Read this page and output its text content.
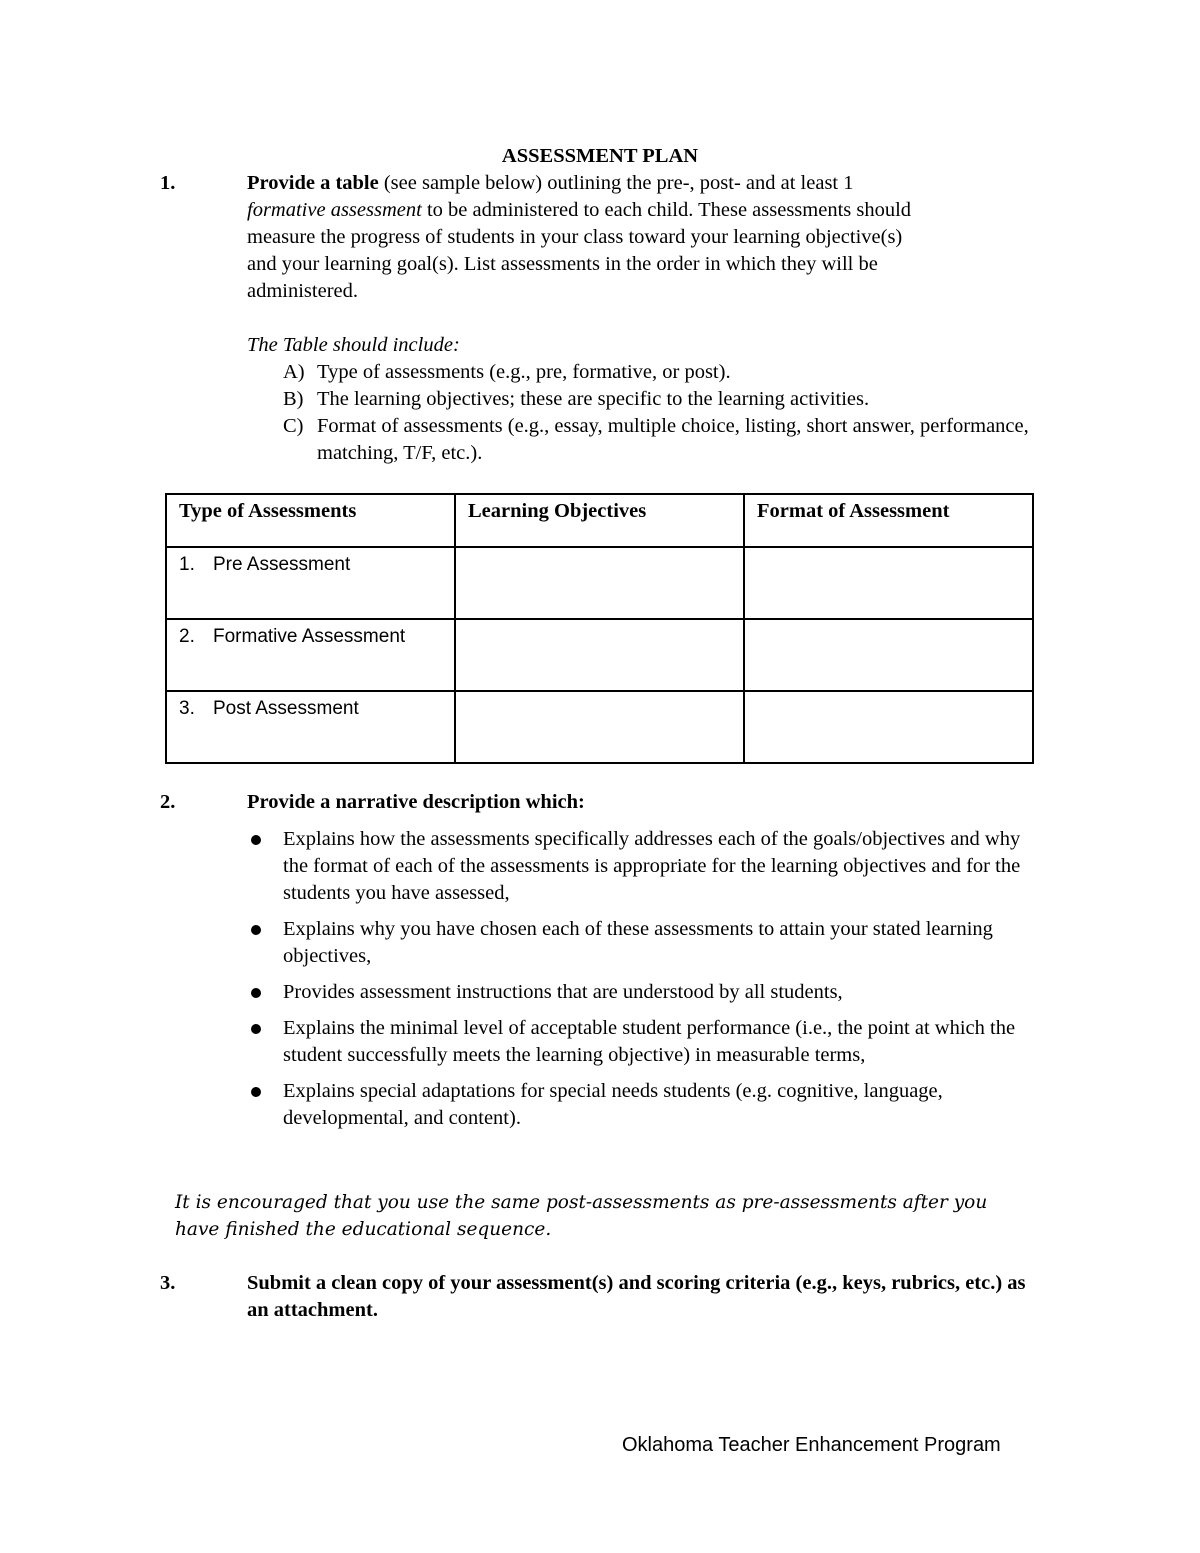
ASSESSMENT PLAN
1.	Provide a table (see sample below) outlining the pre-, post- and at least 1
formative assessment to be administered to each child. These assessments should
measure the progress of students in your class toward your learning objective(s)
and your learning goal(s). List assessments in the order in which they will be
administered.
The Table should include:
A) Type of assessments (e.g., pre, formative, or post).
B) The learning objectives; these are specific to the learning activities.
C) Format of assessments (e.g., essay, multiple choice, listing, short answer, performance, matching, T/F, etc.).
Type of Assessments	Learning Objectives	Format of Assessment
1. Pre Assessment		
2. Formative Assessment		
3. Post Assessment		
2.	Provide a narrative description which:
Explains how the assessments specifically addresses each of the goals/objectives and why the format of each of the assessments is appropriate for the learning objectives and for the students you have assessed,
Explains why you have chosen each of these assessments to attain your stated learning objectives,
Provides assessment instructions that are understood by all students,
Explains the minimal level of acceptable student performance (i.e., the point at which the student successfully meets the learning objective) in measurable terms,
Explains special adaptations for special needs students (e.g. cognitive, language, developmental, and content).
It is encouraged that you use the same post-assessments as pre-assessments after you have finished the educational sequence.
3.	Submit a clean copy of your assessment(s) and scoring criteria (e.g., keys, rubrics, etc.) as an attachment.
Oklahoma Teacher Enhancement Program
